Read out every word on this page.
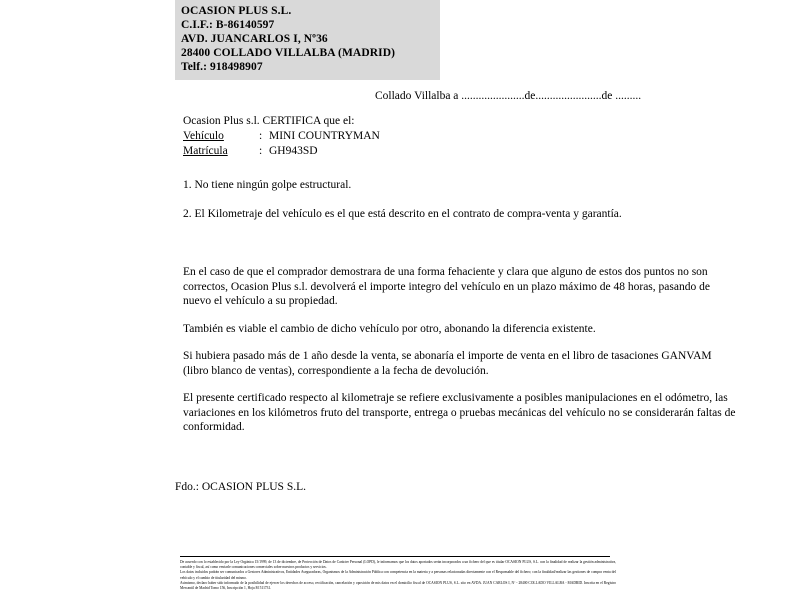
OCASION PLUS S.L.
C.I.F.: B-86140597
AVD. JUANCARLOS I, Nº36
28400 COLLADO VILLALBA (MADRID)
Telf.: 918498907
Collado Villalba a ......................de.......................de .........
Ocasion Plus s.l. CERTIFICA que el:
Vehículo	: MINI COUNTRYMAN
Matrícula	: GH943SD

1. No tiene ningún golpe estructural.

2. El Kilometraje del vehículo es el que está descrito en el contrato de compra-venta y garantía.

En el caso de que el comprador demostrara de una forma fehaciente y clara que alguno de estos dos puntos no son correctos, Ocasion Plus s.l. devolverá el importe integro del vehículo en un plazo máximo de 48 horas, pasando de nuevo el vehículo a su propiedad.

También es viable el cambio de dicho vehículo por otro, abonando la diferencia existente.

Si hubiera pasado más de 1 año desde la venta, se abonaría el importe de venta en el libro de tasaciones GANVAM (libro blanco de ventas), correspondiente a la fecha de devolución.

El presente certificado respecto al kilometraje se refiere exclusivamente a posibles manipulaciones en el odómetro, las variaciones en los kilómetros fruto del transporte, entrega o pruebas mecánicas del vehículo no se considerarán faltas de conformidad.

Fdo.: OCASION PLUS S.L.

De acuerdo con lo establecido por la Ley Orgánica 15/1999, de 13 de diciembre, de Protección de Datos de Carácter Personal (LOPD), le informamos que los datos aportados serán incorporados a un fichero del que es titular OCASION PLUS, S.L. con la finalidad de realizar la gestión administrativa, contable y fiscal, así como enviarle comunicaciones comerciales sobre nuestros productos y servicios.

Los datos incluidos podrán ser comunicados a Gestores Administrativos, Entidades Aseguradoras, Organismos de la Administración Pública con competencia en la materia y a personas relacionadas directamente con el Responsable del fichero; con la finalidad/realizar las gestiones de compra venta del vehículo y el cambio de titularidad del mismo.

Asimismo, declaro haber sido informado de la posibilidad de ejercer los derechos de acceso, rectificación, cancelación y oposición de mis datos en el domicilio fiscal de OCASION PLUS, S.L. sito en AVDA. JUAN CARLOS I, Nº - 28400 COLLADO VILLALBA - MADRID. Inscrita en el Registro Mercantil de Madrid Tomo 156, Inscripción 1, Hoja M 511731.
